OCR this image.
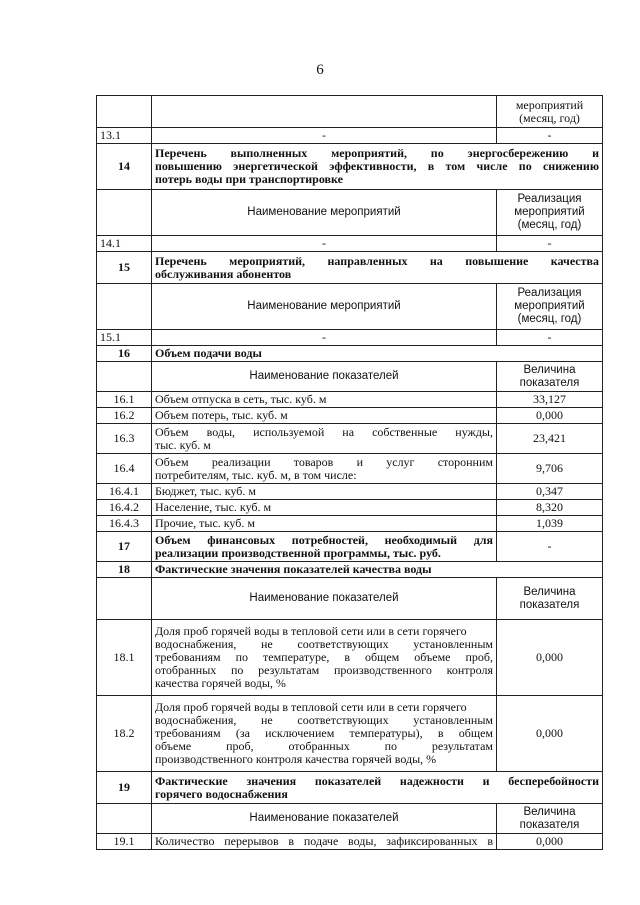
6

		мероприятий
(месяц, год)

13.1	-	-
14	Перечень выполненных мероприятий, по энергосбережению и
повышению энергетической эффективности, в том числе по снижению
потерь воды при транспортировке	

	Наименование мероприятий	Реализация
мероприятий
(месяц, год)

14.1	-	-
15	Перечень мероприятий, направленных на повышение качества
обслуживания абонентов	

	Наименование мероприятий	Реализация
мероприятий
(месяц, год)

15.1	-	-
16	Объем подачи воды	
	Наименование показателей	Величина
показателя

16.1	Объем отпуска в сеть, тыс. куб. м	33,127
16.2	Объем потерь, тыс. куб. м	0,000
16.3	Объем воды, используемой на собственные нужды,
тыс. куб. м	23,421
16.4	Объем реализации товаров и услуг сторонним
потребителям, тыс. куб. м, в том числе:	9,706
16.4.1	Бюджет, тыс. куб. м	0,347
16.4.2	Население, тыс. куб. м	8,320
16.4.3	Прочие, тыс. куб. м	1,039
17	Объем финансовых потребностей, необходимый для
реализации производственной программы, тыс. руб.	-
18	Фактические значения показателей качества воды	
	Наименование показателей	Величина
показателя

18.1	Доля проб горячей воды в тепловой сети или в сети горячего
водоснабжения, не соответствующих установленным
требованиям по температуре, в общем объеме проб,
отобранных по результатам производственного контроля
качества горячей воды, %	0,000
18.2	Доля проб горячей воды в тепловой сети или в сети горячего
водоснабжения, не соответствующих установленным
требованиям (за исключением температуры), в общем
объеме проб, отобранных по результатам
производственного контроля качества горячей воды, %	0,000
19	Фактические значения показателей надежности и бесперебойности
горячего водоснабжения	

	Наименование показателей	Величина
показателя

19.1	Количество перерывов в подаче воды, зафиксированных в	0,000
